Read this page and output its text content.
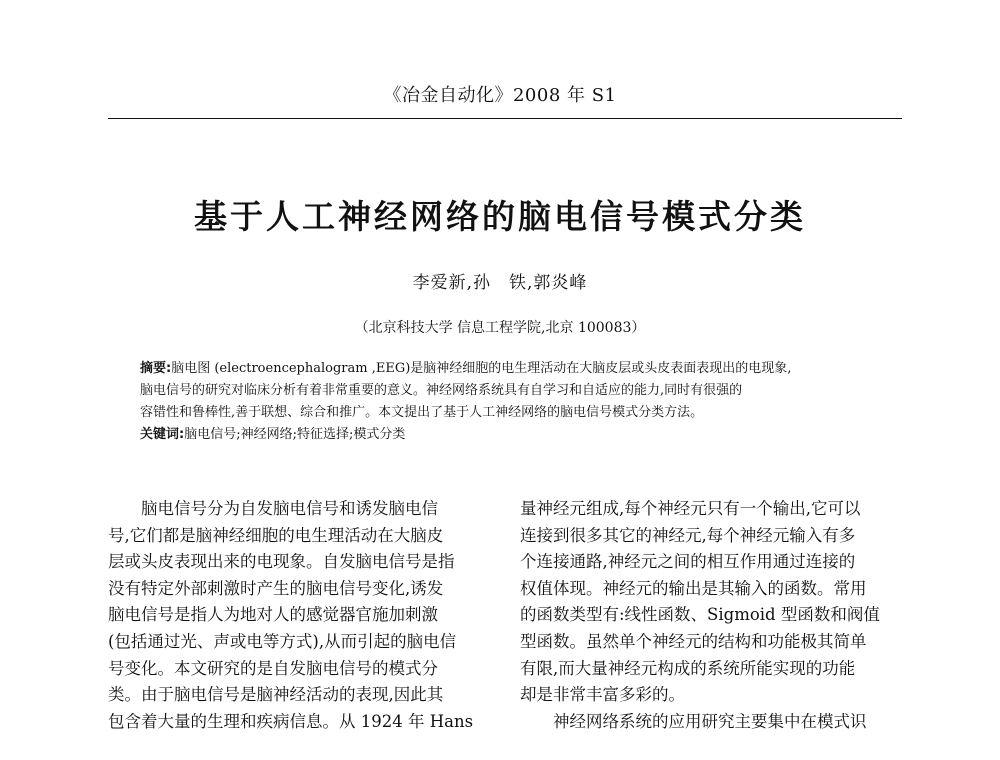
《冶金自动化》2008 年 S1
基于人工神经网络的脑电信号模式分类
李爱新,孙　铁,郭炎峰
（北京科技大学 信息工程学院,北京 100083）
摘要:脑电图 (electroencephalogram ,EEG)是脑神经细胞的电生理活动在大脑皮层或头皮表面表现出的电现象,
脑电信号的研究对临床分析有着非常重要的意义。神经网络系统具有自学习和自适应的能力,同时有很强的
容错性和鲁棒性,善于联想、综合和推广。本文提出了基于人工神经网络的脑电信号模式分类方法。
关键词:脑电信号;神经网络;特征选择;模式分类
脑电信号分为自发脑电信号和诱发脑电信
号,它们都是脑神经细胞的电生理活动在大脑皮
层或头皮表现出来的电现象。自发脑电信号是指
没有特定外部刺激时产生的脑电信号变化,诱发
脑电信号是指人为地对人的感觉器官施加刺激
(包括通过光、声或电等方式),从而引起的脑电信
号变化。本文研究的是自发脑电信号的模式分
类。由于脑电信号是脑神经活动的表现,因此其
包含着大量的生理和疾病信息。从 1924 年 Hans
量神经元组成,每个神经元只有一个输出,它可以
连接到很多其它的神经元,每个神经元输入有多
个连接通路,神经元之间的相互作用通过连接的
权值体现。神经元的输出是其输入的函数。常用
的函数类型有:线性函数、Sigmoid 型函数和阀值
型函数。虽然单个神经元的结构和功能极其简单
有限,而大量神经元构成的系统所能实现的功能
却是非常丰富多彩的。
神经网络系统的应用研究主要集中在模式识
